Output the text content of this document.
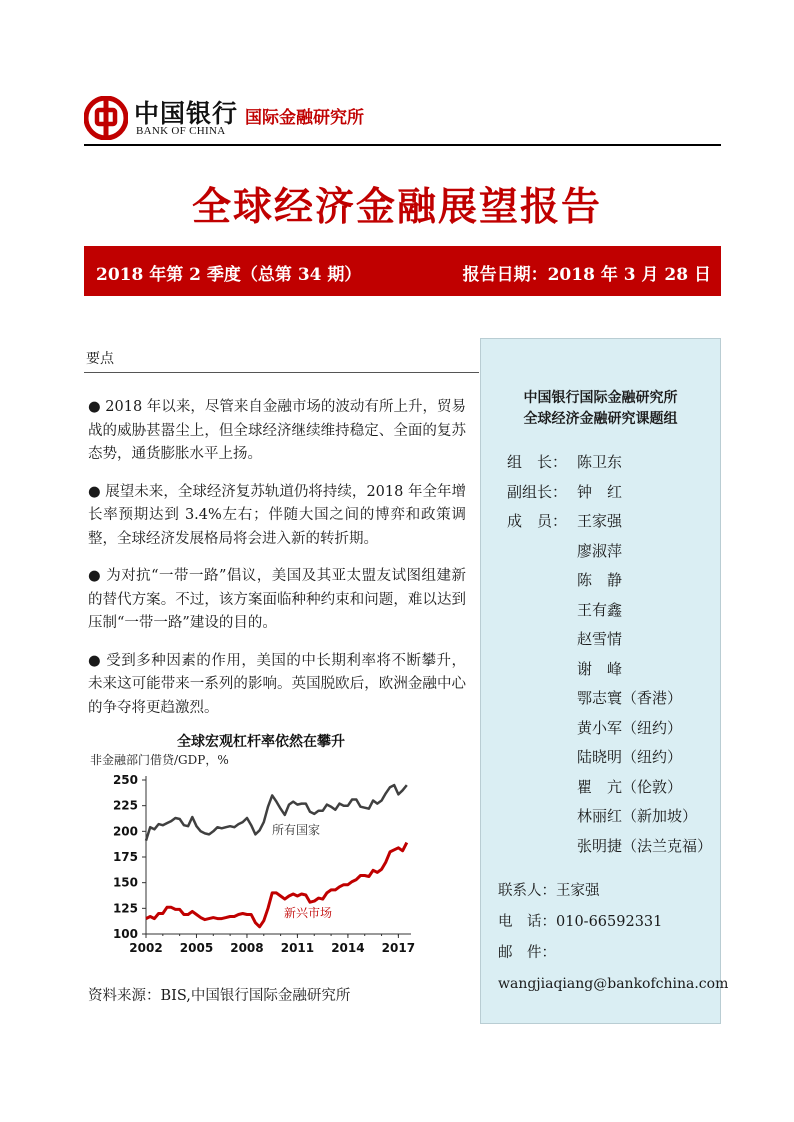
中国银行
BANK OF CHINA
国际金融研究所
全球经济金融展望报告
2018 年第 2 季度（总第 34 期）	报告日期：2018 年 3 月 28 日
要点
● 2018 年以来，尽管来自金融市场的波动有所上升，贸易战的威胁甚嚣尘上，但全球经济继续维持稳定、全面的复苏态势，通货膨胀水平上扬。
● 展望未来，全球经济复苏轨道仍将持续，2018 年全年增长率预期达到 3.4%左右；伴随大国之间的博弈和政策调整，全球经济发展格局将会进入新的转折期。
● 为对抗“一带一路”倡议，美国及其亚太盟友试图组建新的替代方案。不过，该方案面临种种约束和问题，难以达到压制“一带一路”建设的目的。
● 受到多种因素的作用，美国的中长期利率将不断攀升，未来这可能带来一系列的影响。英国脱欧后，欧洲金融中心的争夺将更趋激烈。
全球宏观杠杆率依然在攀升
非金融部门借贷/GDP，%
100
125
150
175
200
225
250
2002 2005 2008 2011 2014 2017
所有国家
新兴市场
资料来源：BIS,中国银行国际金融研究所
中国银行国际金融研究所
全球经济金融研究课题组
组　长： 陈卫东
副组长： 钟　红
成　员： 王家强
廖淑萍
陈　静
王有鑫
赵雪情
谢　峰
鄂志寰（香港）
黄小军（纽约）
陆晓明（纽约）
瞿　亢（伦敦）
林丽红（新加坡）
张明捷（法兰克福）
联系人：王家强
电　话：010-66592331
邮　件：
wangjiaqiang@bankofchina.com
